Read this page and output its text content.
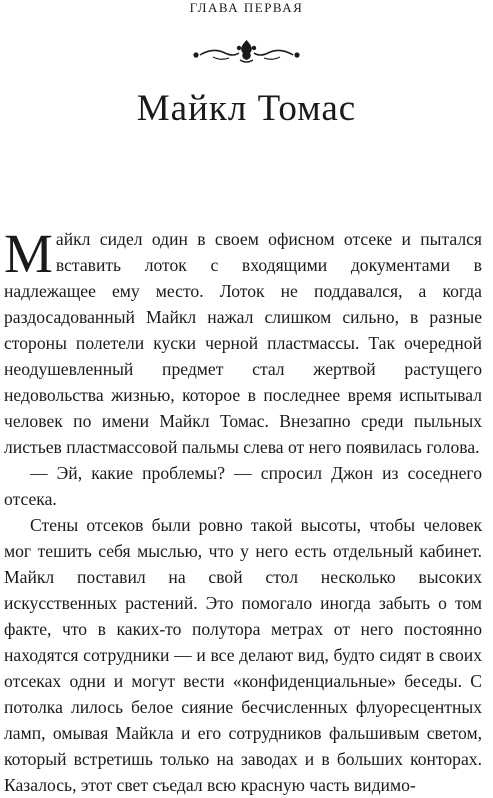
ГЛАВА ПЕРВАЯ
Майкл Томас

Майкл сидел один в своем офисном отсеке и пытался вставить лоток с входящими документами в надлежащее ему место. Лоток не поддавался, а когда раздосадованный Майкл нажал слишком сильно, в разные стороны полетели куски черной пластмассы. Так очередной неодушевленный предмет стал жертвой растущего недовольства жизнью, которое в последнее время испытывал человек по имени Майкл Томас. Внезапно среди пыльных листьев пластмассовой пальмы слева от него появилась голова.

— Эй, какие проблемы? — спросил Джон из соседнего отсека.

Стены отсеков были ровно такой высоты, чтобы человек мог тешить себя мыслью, что у него есть отдельный кабинет. Майкл поставил на свой стол несколько высоких искусственных растений. Это помогало иногда забыть о том факте, что в каких-то полутора метрах от него постоянно находятся сотрудники — и все делают вид, будто сидят в своих отсеках одни и могут вести «конфиденциальные» беседы. С потолка лилось белое сияние бесчисленных флуоресцентных ламп, омывая Майкла и его сотрудников фальшивым светом, который встретишь только на заводах и в больших конторах. Казалось, этот свет съедал всю красную часть видимо-
